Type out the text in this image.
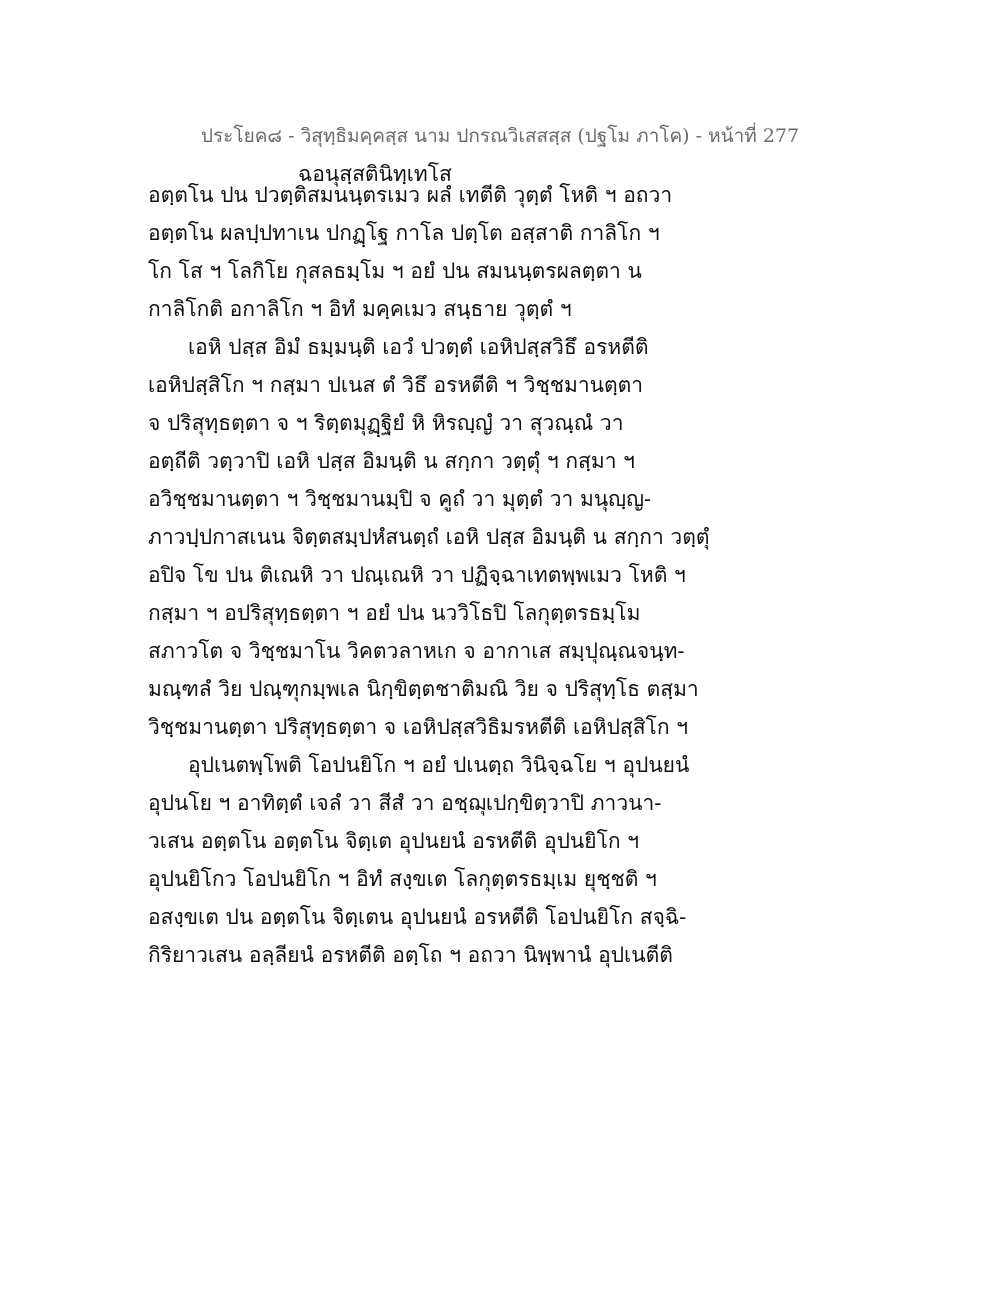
ประโยค๘ - วิสุทฺธิมคฺคสฺส นาม ปกรณวิเสสสฺส (ปฐโม ภาโค) - หน้าที่ 277
ฉอนุสฺสตินิทฺเทโส
อตฺตโน ปน ปวตฺติสมนนฺตรเมว ผลํ เทตีติ วุตฺตํ โหติ ฯ อถวา
อตฺตโน ผลปฺปทาเน ปกฏฺโฐ กาโล ปตฺโต อสฺสาติ กาลิโก ฯ
โก โส ฯ โลกิโย กุสลธมฺโม ฯ อยํ ปน สมนนฺตรผลตฺตา น
กาลิโกติ อกาลิโก ฯ อิทํ มคฺคเมว สนฺธาย วุตฺตํ ฯ
เอหิ ปสฺส อิมํ ธมฺมนฺติ เอวํ ปวตฺตํ เอหิปสฺสวิธึ อรหตีติ
เอหิปสฺสิโก ฯ กสฺมา ปเนส ตํ วิธึ อรหตีติ ฯ วิชฺชมานตฺตา
จ ปริสุทฺธตฺตา จ ฯ ริตฺตมุฏฺฐิยํ หิ หิรญฺญํ วา สุวณฺณํ วา
อตฺถีติ วตฺวาปิ เอหิ ปสฺส อิมนฺติ น สกฺกา วตฺตุํ ฯ กสฺมา ฯ
อวิชฺชมานตฺตา ฯ วิชฺชมานมฺปิ จ คูถํ วา มุตฺตํ วา มนุญฺญ-
ภาวปฺปกาสเนน จิตฺตสมฺปหํสนตฺถํ เอหิ ปสฺส อิมนฺติ น สกฺกา วตฺตุํ
อปิจ โข ปน ติเณหิ วา ปณฺเณหิ วา ปฏิจฺฉาเทตพฺพเมว โหติ ฯ
กสฺมา ฯ อปริสุทฺธตฺตา ฯ อยํ ปน นววิโธปิ โลกุตฺตรธมฺโม
สภาวโต จ วิชฺชมาโน วิคตวลาหเก จ อากาเส สมฺปุณฺณจนฺท-
มณฺฑลํ วิย ปณฺฑุกมฺพเล นิกฺขิตฺตชาติมณิ วิย จ ปริสุทฺโธ ตสฺมา
วิชฺชมานตฺตา ปริสุทฺธตฺตา จ เอหิปสฺสวิธิมรหตีติ เอหิปสฺสิโก ฯ
อุปเนตพฺโพติ โอปนยิโก ฯ อยํ ปเนตฺถ วินิจฺฉโย ฯ อุปนยนํ
อุปนโย ฯ อาทิตฺตํ เจลํ วา สีสํ วา อชฺฌุเปกฺขิตฺวาปิ ภาวนา-
วเสน อตฺตโน อตฺตโน จิตฺเต อุปนยนํ อรหตีติ อุปนยิโก ฯ
อุปนยิโกว โอปนยิโก ฯ อิทํ สงฺขเต โลกุตฺตรธมฺเม ยุชฺชติ ฯ
อสงฺขเต ปน อตฺตโน จิตฺเตน อุปนยนํ อรหตีติ โอปนยิโก สจฺฉิ-
กิริยาวเสน อลฺลียนํ อรหตีติ อตฺโถ ฯ อถวา นิพฺพานํ อุปเนตีติ
